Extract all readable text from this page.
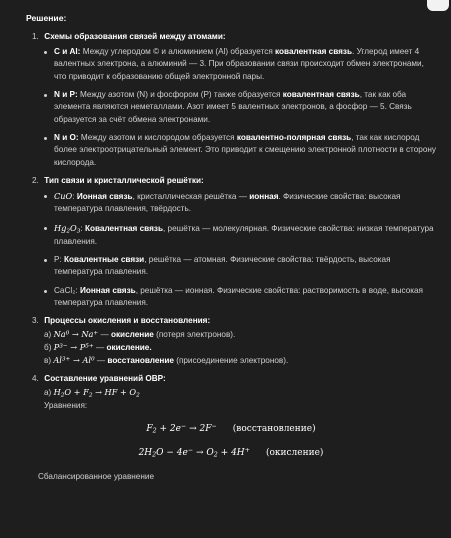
Решение:
1. Схемы образования связей между атомами:
C и Al: Между углеродом © и алюминием (Al) образуется ковалентная связь. Углерод имеет 4 валентных электрона, а алюминий — 3. При образовании связи происходит обмен электронами, что приводит к образованию общей электронной пары.
N и P: Между азотом (N) и фосфором (P) также образуется ковалентная связь, так как оба элемента являются неметаллами. Азот имеет 5 валентных электронов, а фосфор — 5. Связь образуется за счёт обмена электронами.
N и O: Между азотом и кислородом образуется ковалентно-полярная связь, так как кислород более электроотрицательный элемент. Это приводит к смещению электронной плотности в сторону кислорода.
2. Тип связи и кристаллической решётки:
CuO: Ионная связь, кристаллическая решётка — ионная. Физические свойства: высокая температура плавления, твёрдость.
$Hg_2O_3$: Ковалентная связь, решётка — молекулярная. Физические свойства: низкая температура плавления.
P: Ковалентные связи, решётка — атомная. Физические свойства: твёрдость, высокая температура плавления.
CaCl₂: Ионная связь, решётка — ионная. Физические свойства: растворимость в воде, высокая температура плавления.
3. Процессы окисления и восстановления:
а) $Na^0 \to Na^+$ — окисление (потеря электронов).
б) $P^{3-} \to P^{5+}$ — окисление.
в) $Al^{3+} \to Al^0$ — восстановление (присоединение электронов).
4. Составление уравнений ОВР:
а) $H_2O + F_2$ → HF + $O_2$
Уравнения:
$F_2 + 2e^- \to 2F^-$ (восстановление)
$2H_2O - 4e^- \to O_2 + 4H^+$ (окисление)
Сбалансированное уравнение
